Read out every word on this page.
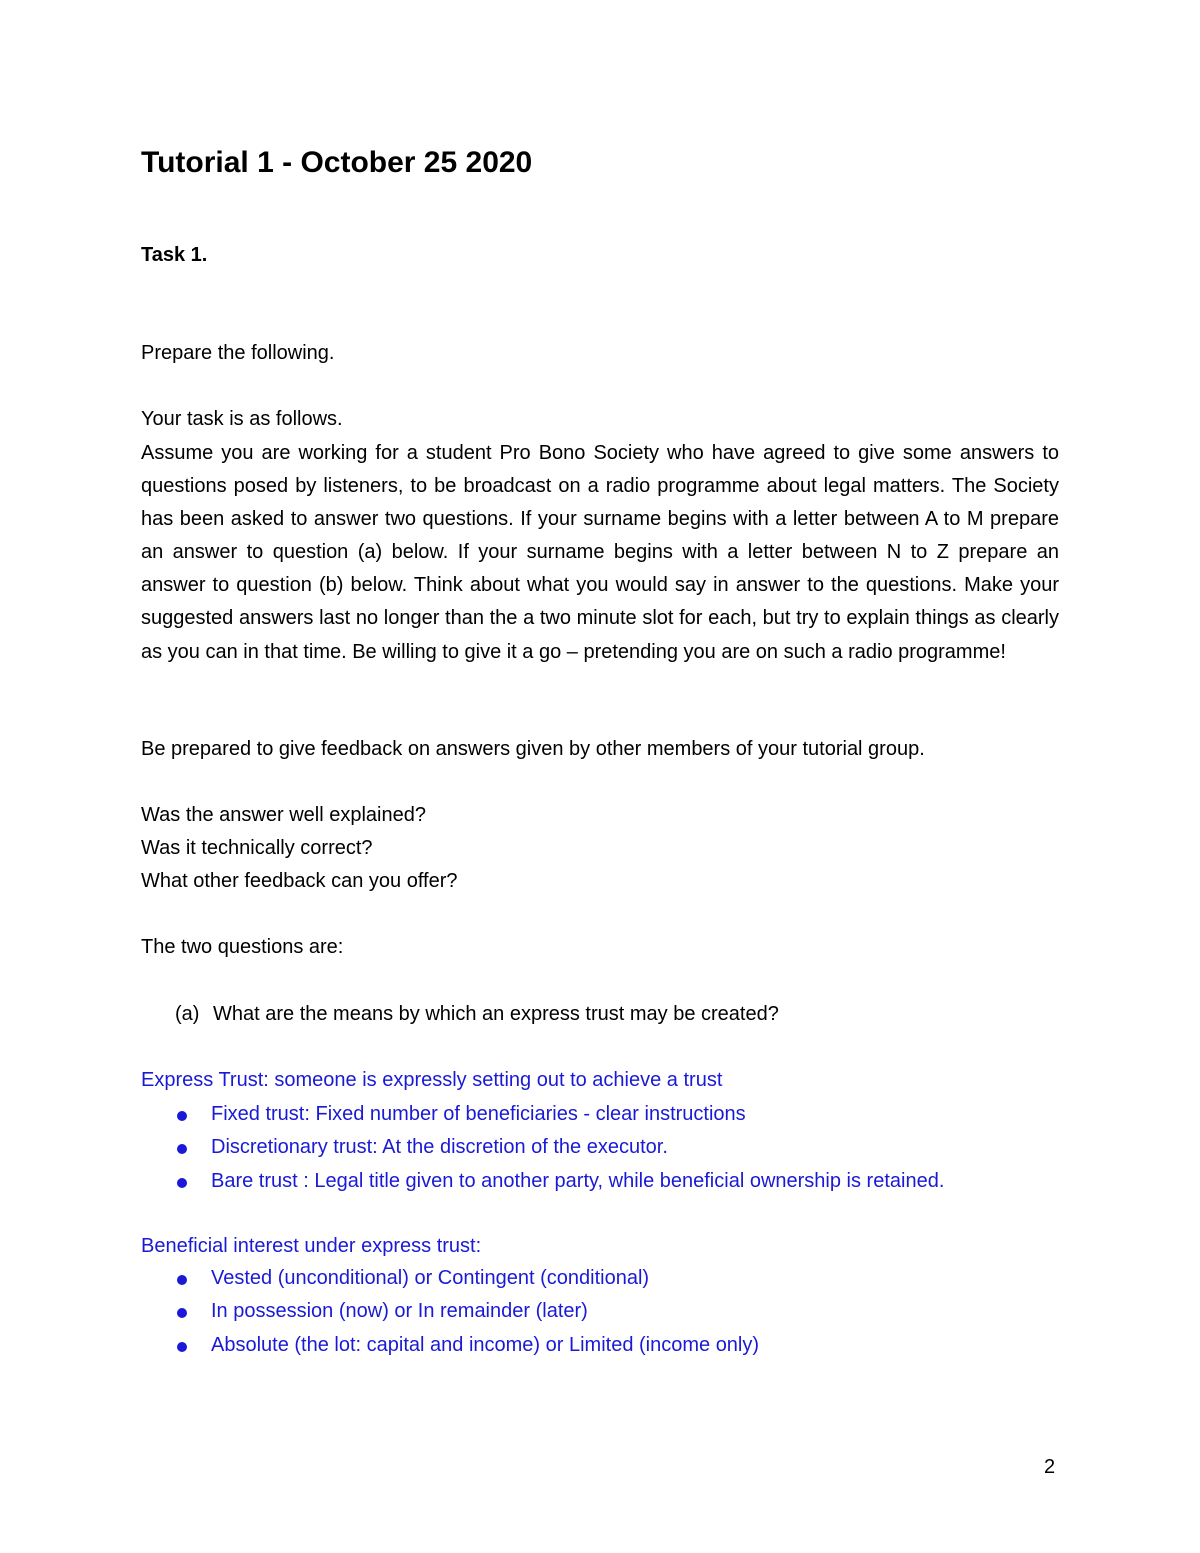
Tutorial 1 - October 25 2020

Task 1.

Prepare the following.

Your task is as follows.

Assume you are working for a student Pro Bono Society who have agreed to give some answers to questions posed by listeners, to be broadcast on a radio programme about legal matters. The Society has been asked to answer two questions. If your surname begins with a letter between A to M prepare an answer to question (a) below. If your surname begins with a letter between N to Z prepare an answer to question (b) below. Think about what you would say in answer to the questions. Make your suggested answers last no longer than the a two minute slot for each, but try to explain things as clearly as you can in that time. Be willing to give it a go – pretending you are on such a radio programme!

Be prepared to give feedback on answers given by other members of your tutorial group.

Was the answer well explained?

Was it technically correct?

What other feedback can you offer?

The two questions are:

(a) What are the means by which an express trust may be created?

Express Trust: someone is expressly setting out to achieve a trust

Fixed trust: Fixed number of beneficiaries - clear instructions
Discretionary trust: At the discretion of the executor.
Bare trust : Legal title given to another party, while beneficial ownership is retained.

Beneficial interest under express trust:

Vested (unconditional) or Contingent (conditional)
In possession (now) or In remainder (later)
Absolute (the lot: capital and income) or Limited (income only)

2
